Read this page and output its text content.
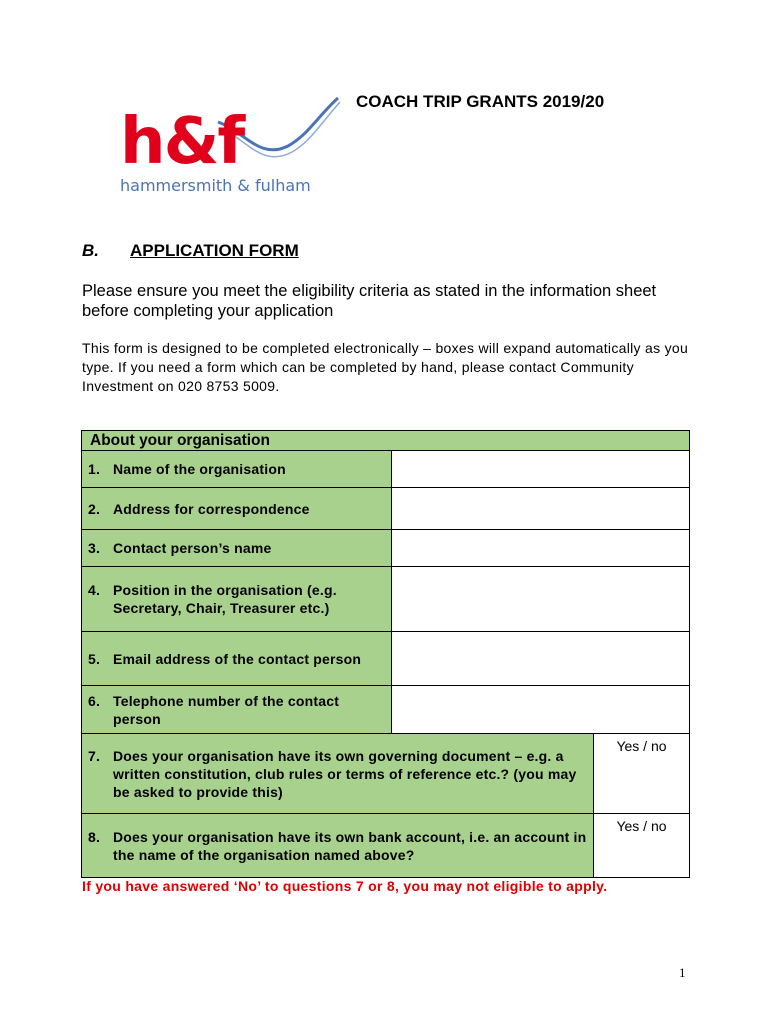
h&f
hammersmith & fulham
COACH TRIP GRANTS 2019/20
B. APPLICATION FORM
Please ensure you meet the eligibility criteria as stated in the information sheet before completing your application
This form is designed to be completed electronically – boxes will expand automatically as you type. If you need a form which can be completed by hand, please contact Community Investment on 020 8753 5009.
About your organisation		

1. Name of the organisation		

2. Address for correspondence		

3. Contact person’s name		

4. Position in the organisation (e.g. Secretary, Chair, Treasurer etc.)		

5. Email address of the contact person		

6. Telephone number of the contact person		

7. Does your organisation have its own governing document – e.g. a written constitution, club rules or terms of reference etc.? (you may be asked to provide this)		Yes / no

8. Does your organisation have its own bank account, i.e. an account in the name of the organisation named above?		Yes / no
If you have answered ‘No’ to questions 7 or 8, you may not eligible to apply.
1
